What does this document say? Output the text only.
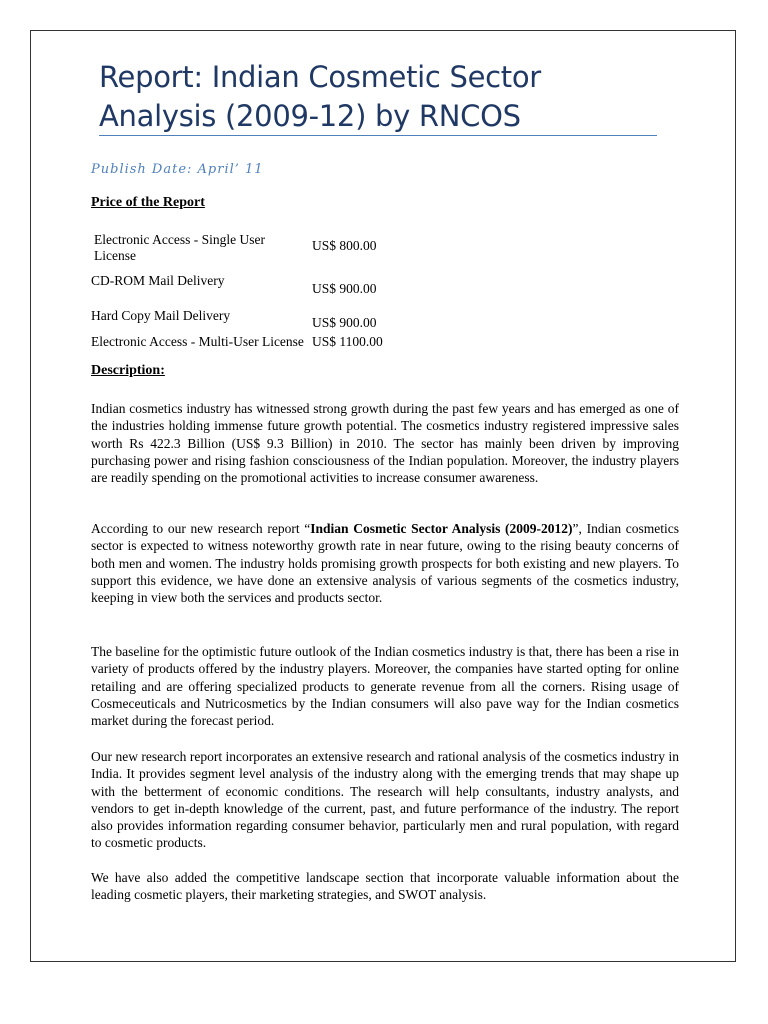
Report: Indian Cosmetic Sector Analysis (2009-12) by RNCOS
Publish Date: April’ 11
Price of the Report
Electronic Access - Single User License
US$ 800.00
CD-ROM Mail Delivery
US$ 900.00
Hard Copy Mail Delivery	US$ 900.00
Electronic Access - Multi-User License US$ 1100.00
Description:
Indian cosmetics industry has witnessed strong growth during the past few years and has emerged as one of the industries holding immense future growth potential. The cosmetics industry registered impressive sales worth Rs 422.3 Billion (US$ 9.3 Billion) in 2010. The sector has mainly been driven by improving purchasing power and rising fashion consciousness of the Indian population. Moreover, the industry players are readily spending on the promotional activities to increase consumer awareness.
According to our new research report “Indian Cosmetic Sector Analysis (2009-2012)”, Indian cosmetics sector is expected to witness noteworthy growth rate in near future, owing to the rising beauty concerns of both men and women. The industry holds promising growth prospects for both existing and new players. To support this evidence, we have done an extensive analysis of various segments of the cosmetics industry, keeping in view both the services and products sector.
The baseline for the optimistic future outlook of the Indian cosmetics industry is that, there has been a rise in variety of products offered by the industry players. Moreover, the companies have started opting for online retailing and are offering specialized products to generate revenue from all the corners. Rising usage of Cosmeceuticals and Nutricosmetics by the Indian consumers will also pave way for the Indian cosmetics market during the forecast period.
Our new research report incorporates an extensive research and rational analysis of the cosmetics industry in India. It provides segment level analysis of the industry along with the emerging trends that may shape up with the betterment of economic conditions. The research will help consultants, industry analysts, and vendors to get in-depth knowledge of the current, past, and future performance of the industry. The report also provides information regarding consumer behavior, particularly men and rural population, with regard to cosmetic products.
We have also added the competitive landscape section that incorporate valuable information about the leading cosmetic players, their marketing strategies, and SWOT analysis.
